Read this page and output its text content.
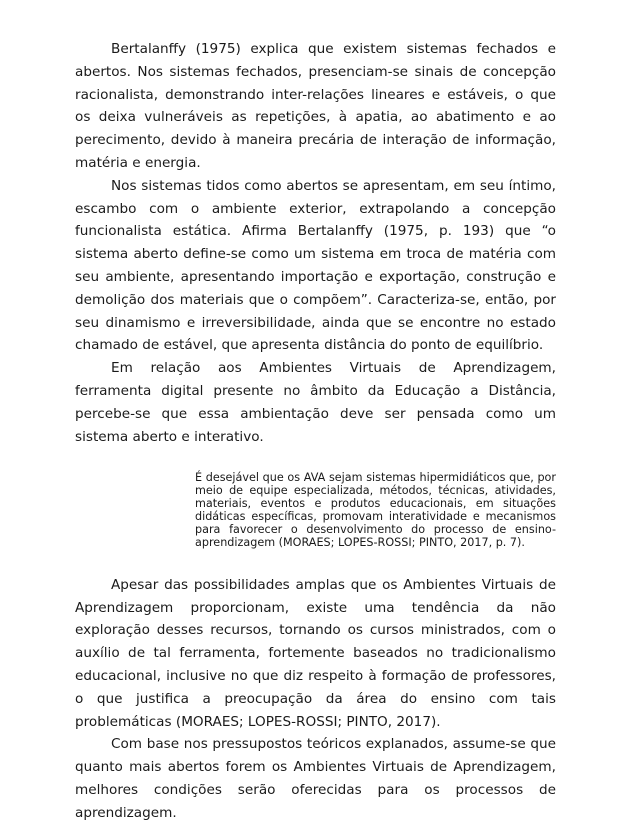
Bertalanffy (1975) explica que existem sistemas fechados e abertos. Nos sistemas fechados, presenciam-se sinais de concepção racionalista, demonstrando inter-relações lineares e estáveis, o que os deixa vulneráveis as repetições, à apatia, ao abatimento e ao perecimento, devido à maneira precária de interação de informação, matéria e energia.

Nos sistemas tidos como abertos se apresentam, em seu íntimo, escambo com o ambiente exterior, extrapolando a concepção funcionalista estática. Afirma Bertalanffy (1975, p. 193) que “o sistema aberto define-se como um sistema em troca de matéria com seu ambiente, apresentando importação e exportação, construção e demolição dos materiais que o compõem”. Caracteriza-se, então, por seu dinamismo e irreversibilidade, ainda que se encontre no estado chamado de estável, que apresenta distância do ponto de equilíbrio.

Em relação aos Ambientes Virtuais de Aprendizagem, ferramenta digital presente no âmbito da Educação a Distância, percebe-se que essa ambientação deve ser pensada como um sistema aberto e interativo.

É desejável que os AVA sejam sistemas hipermidiáticos que, por meio de equipe especializada, métodos, técnicas, atividades, materiais, eventos e produtos educacionais, em situações didáticas específicas, promovam interatividade e mecanismos para favorecer o desenvolvimento do processo de ensino-aprendizagem (MORAES; LOPES-ROSSI; PINTO, 2017, p. 7).

Apesar das possibilidades amplas que os Ambientes Virtuais de Aprendizagem proporcionam, existe uma tendência da não exploração desses recursos, tornando os cursos ministrados, com o auxílio de tal ferramenta, fortemente baseados no tradicionalismo educacional, inclusive no que diz respeito à formação de professores, o que justifica a preocupação da área do ensino com tais problemáticas (MORAES; LOPES-ROSSI; PINTO, 2017).

Com base nos pressupostos teóricos explanados, assume-se que quanto mais abertos forem os Ambientes Virtuais de Aprendizagem, melhores condições serão oferecidas para os processos de aprendizagem.
